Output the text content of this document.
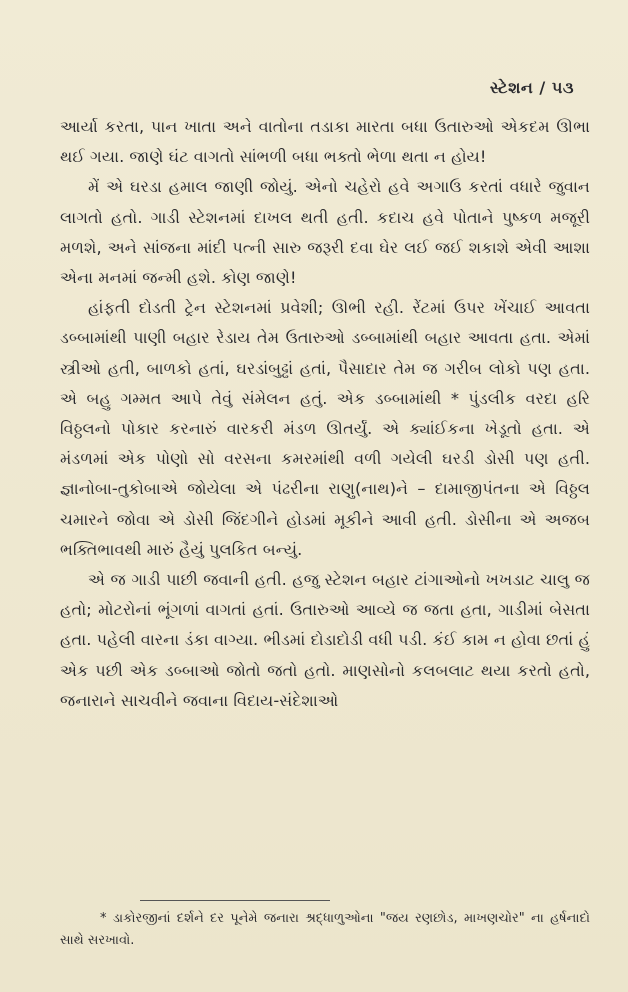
સ્ટેશન / ૫૩

આર્યા કરતા, પાન ખાતા અને વાતોના તડાકા મારતા બધા ઉતારુઓ એકદમ ઊભા થઈ ગયા. જાણે ઘંટ વાગતો સાંભળી બધા ભક્તો ભેળા થતા ન હોય!

મેં એ ઘરડા હમાલ જાણી જોયું. એનો ચહેરો હવે અગાઉ કરતાં વધારે જુવાન લાગતો હતો. ગાડી સ્ટેશનમાં દાખલ થતી હતી. કદાચ હવે પોતાને પુષ્કળ મજૂરી મળશે, અને સાંજના માંદી પત્ની સારુ જરૂરી દવા ઘેર લઈ જઈ શકાશે એવી આશા એના મનમાં જન્મી હશે. કોણ જાણે!

હાંફતી દોડતી ટ્રેન સ્ટેશનમાં પ્રવેશી; ઊભી રહી. રેંટમાં ઉપર ખેંચાઈ આવતા ડબ્બામાંથી પાણી બહાર રેડાય તેમ ઉતારુઓ ડબ્બામાંથી બહાર આવતા હતા. એમાં સ્ત્રીઓ હતી, બાળકો હતાં, ઘરડાંબુઢ્ઢાં હતાં, પૈસાદાર તેમ જ ગરીબ લોકો પણ હતા. એ બહુ ગમ્મત આપે તેવું સંમેલન હતું. એક ડબ્બામાંથી * પુંડલીક વરદા હરિ વિઠ્ઠલનો પોકાર કરનારું વારકરી મંડળ ઊતર્યું. એ ક્યાંઈકના ખેડૂતો હતા. એ મંડળમાં એક પોણો સો વરસના કમરમાંથી વળી ગયેલી ઘરડી ડોસી પણ હતી. જ્ઞાનોબા-તુકોબાએ જોયેલા એ પંઢરીના રાણુ(નાથ)ને – દામાજીપંતના એ વિઠ્ઠલ ચમારને જોવા એ ડોસી જિંદગીને હોડમાં મૂકીને આવી હતી. ડોસીના એ અજબ ભક્તિભાવથી મારું હૈયું પુલકિત બન્યું.

એ જ ગાડી પાછી જવાની હતી. હજુ સ્ટેશન બહાર ટાંગાઓનો ખખડાટ ચાલુ જ હતો; મોટરોનાં ભૂંગળાં વાગતાં હતાં. ઉતારુઓ આવ્યે જ જતા હતા, ગાડીમાં બેસતા હતા. પહેલી વારના ડંકા વાગ્યા. ભીડમાં દોડાદોડી વધી પડી. કંઈ કામ ન હોવા છતાં હું એક પછી એક ડબ્બાઓ જોતો જતો હતો. માણસોનો કલબલાટ થયા કરતો હતો, જનારાને સાચવીને જવાના વિદાય-સંદેશાઓ

* ડાકોરજીનાં દર્શને દર પૂનેમે જનારા શ્રદ્ધાળુઓના "જય રણછોડ, માખણચોર" ના હર્ષનાદો સાથે સરખાવો.
